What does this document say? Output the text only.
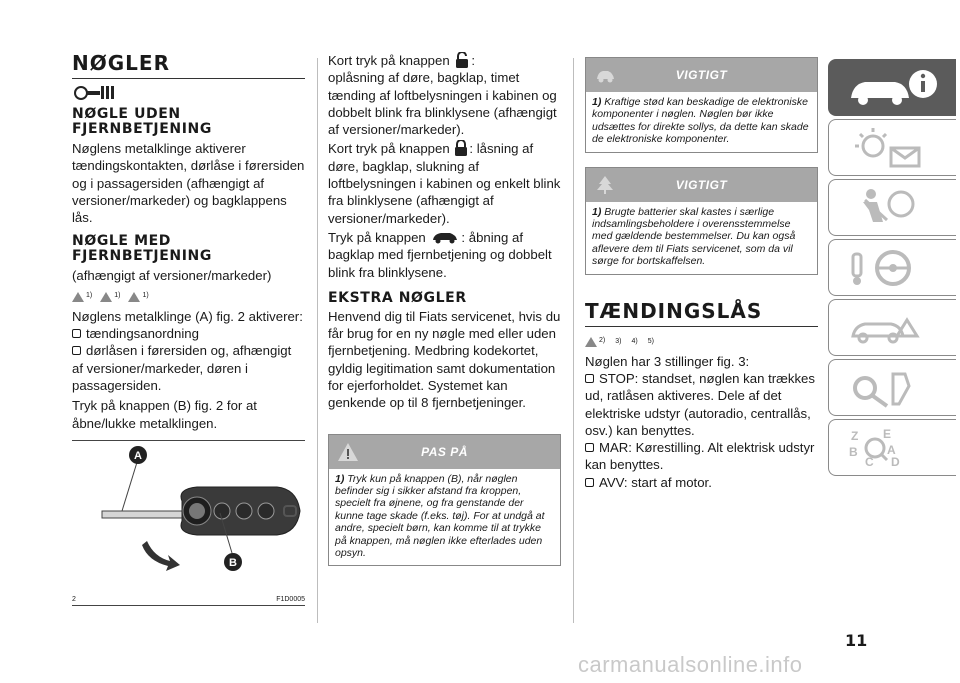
NØGLER
NØGLE UDEN FJERNBETJENING

Nøglens metalklinge aktiverer tændingskontakten, dørlåse i førersiden og i passagersiden (afhængigt af versioner/markeder) og bagklappens lås.

NØGLE MED FJERNBETJENING

(afhængigt af versioner/markeder)

1)	1)	1)

Nøglens metalklinge (A) fig. 2 aktiverer:

tændingsanordning
dørlåsen i førersiden og, afhængigt af versioner/markeder, døren i passagersiden.

Tryk på knappen (B) fig. 2 for at åbne/lukke metalklingen.

A
B
2	F1D0005

Kort tryk på knappen :

oplåsning af døre, bagklap, timet tænding af loftbelysningen i kabinen og dobbelt blink fra blinklysene (afhængigt af versioner/markeder).

Kort tryk på knappen : låsning af døre, bagklap, slukning af loftbelysningen i kabinen og enkelt blink fra blinklysene (afhængigt af versioner/markeder).

Tryk på knappen	: åbning af bagklap med fjernbetjening og dobbelt blink fra blinklysene.

EKSTRA NØGLER

Henvend dig til Fiats servicenet, hvis du får brug for en ny nøgle med eller uden fjernbetjening. Medbring kodekortet, gyldig legitimation samt dokumentation for ejerforholdet. Systemet kan genkende op til 8 fjernbetjeninger.

PAS PÅ
1) Tryk kun på knappen (B), når nøglen befinder sig i sikker afstand fra kroppen, specielt fra øjnene, og fra genstande der kunne tage skade (f.eks. tøj). For at undgå at andre, specielt børn, kan komme til at trykke på knappen, må nøglen ikke efterlades uden opsyn.
VIGTIGT
1) Kraftige stød kan beskadige de elektroniske komponenter i nøglen. Nøglen bør ikke udsættes for direkte sollys, da dette kan skade de elektroniske komponenter.
VIGTIGT
1) Brugte batterier skal kastes i særlige indsamlingsbeholdere i overensstemmelse med gældende bestemmelser. Du kan også aflevere dem til Fiats servicenet, som da vil sørge for bortskaffelsen.
TÆNDINGSLÅS
2) 3) 4) 5)

Nøglen har 3 stillinger fig. 3:

STOP: standset, nøglen kan trækkes ud, ratlåsen aktiveres. Dele af det elektriske udstyr (autoradio, centrallås, osv.) kan benyttes.
MAR: Kørestilling. Alt elektrisk udstyr kan benyttes.
AVV: start af motor.
Z E
B A
C D
11
carmanualsonline.info
